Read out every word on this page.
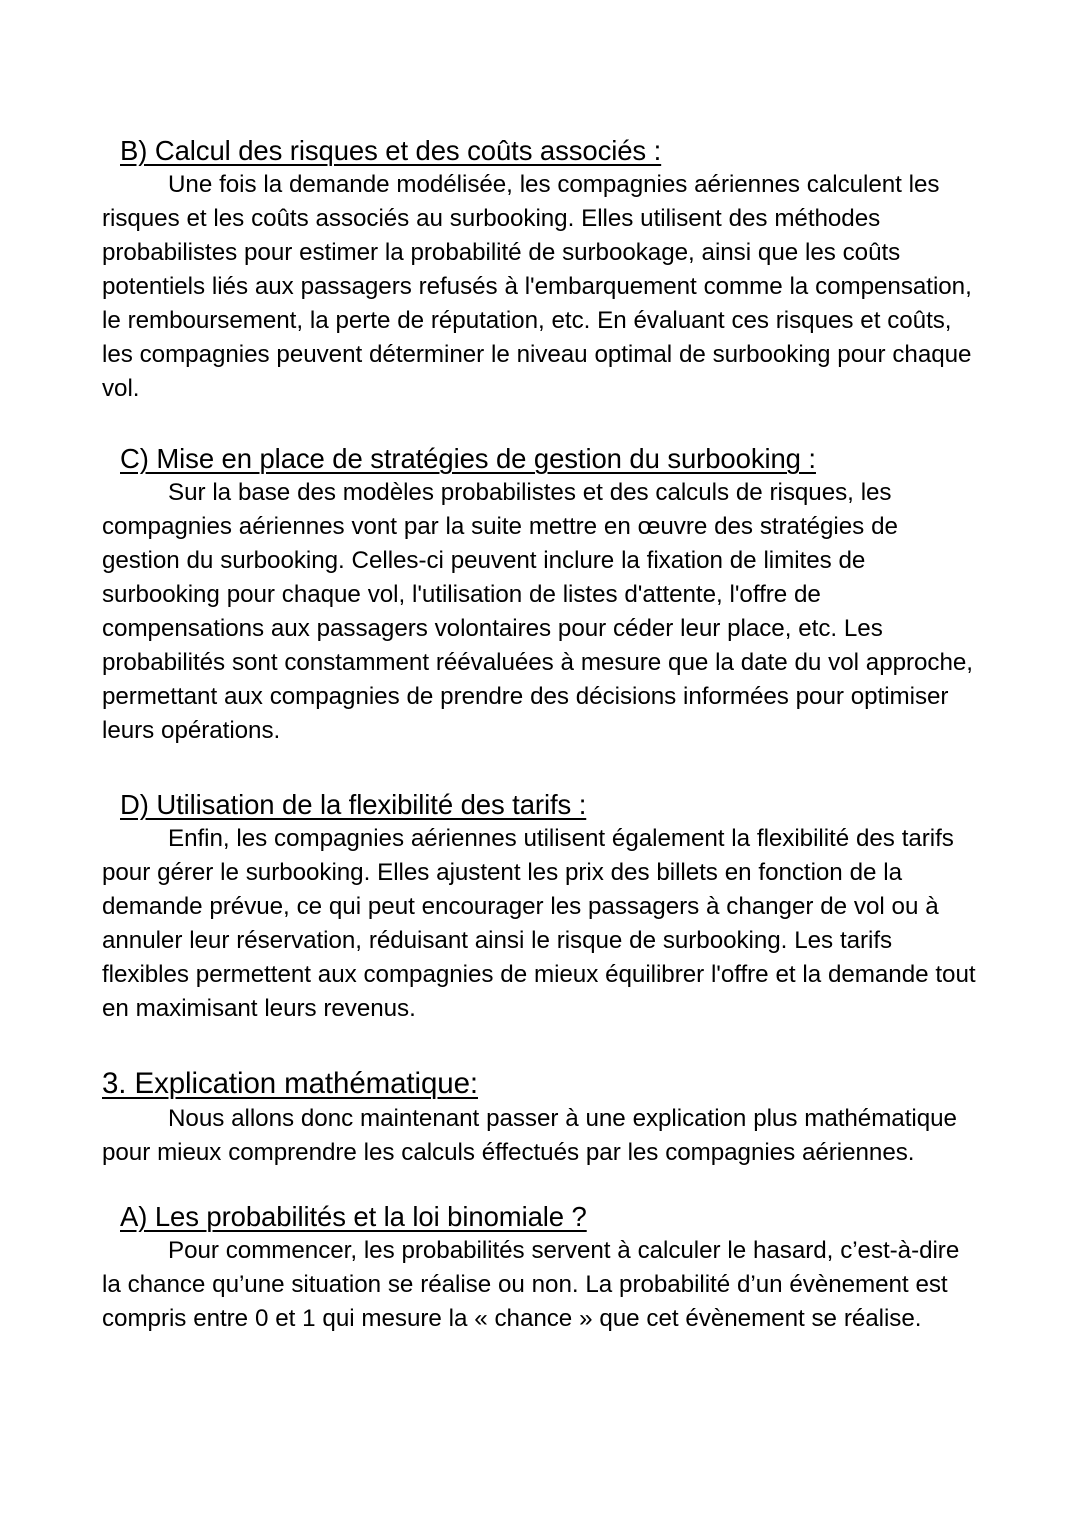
B) Calcul des risques et des coûts associés :

Une fois la demande modélisée, les compagnies aériennes calculent les risques et les coûts associés au surbooking. Elles utilisent des méthodes probabilistes pour estimer la probabilité de surbookage, ainsi que les coûts potentiels liés aux passagers refusés à l'embarquement comme la compensation, le remboursement, la perte de réputation, etc. En évaluant ces risques et coûts, les compagnies peuvent déterminer le niveau optimal de surbooking pour chaque vol.

C) Mise en place de stratégies de gestion du surbooking :

Sur la base des modèles probabilistes et des calculs de risques, les compagnies aériennes vont par la suite mettre en œuvre des stratégies de gestion du surbooking. Celles-ci peuvent inclure la fixation de limites de surbooking pour chaque vol, l'utilisation de listes d'attente, l'offre de compensations aux passagers volontaires pour céder leur place, etc. Les probabilités sont constamment réévaluées à mesure que la date du vol approche, permettant aux compagnies de prendre des décisions informées pour optimiser leurs opérations.

D) Utilisation de la flexibilité des tarifs :

Enfin, les compagnies aériennes utilisent également la flexibilité des tarifs pour gérer le surbooking. Elles ajustent les prix des billets en fonction de la demande prévue, ce qui peut encourager les passagers à changer de vol ou à annuler leur réservation, réduisant ainsi le risque de surbooking. Les tarifs flexibles permettent aux compagnies de mieux équilibrer l'offre et la demande tout en maximisant leurs revenus.

3. Explication mathématique:

Nous allons donc maintenant passer à une explication plus mathématique pour mieux comprendre les calculs éffectués par les compagnies aériennes.

A) Les probabilités et la loi binomiale ?

Pour commencer, les probabilités servent à calculer le hasard, c’est-à-dire la chance qu’une situation se réalise ou non. La probabilité d’un évènement est compris entre 0 et 1 qui mesure la « chance » que cet évènement se réalise.
